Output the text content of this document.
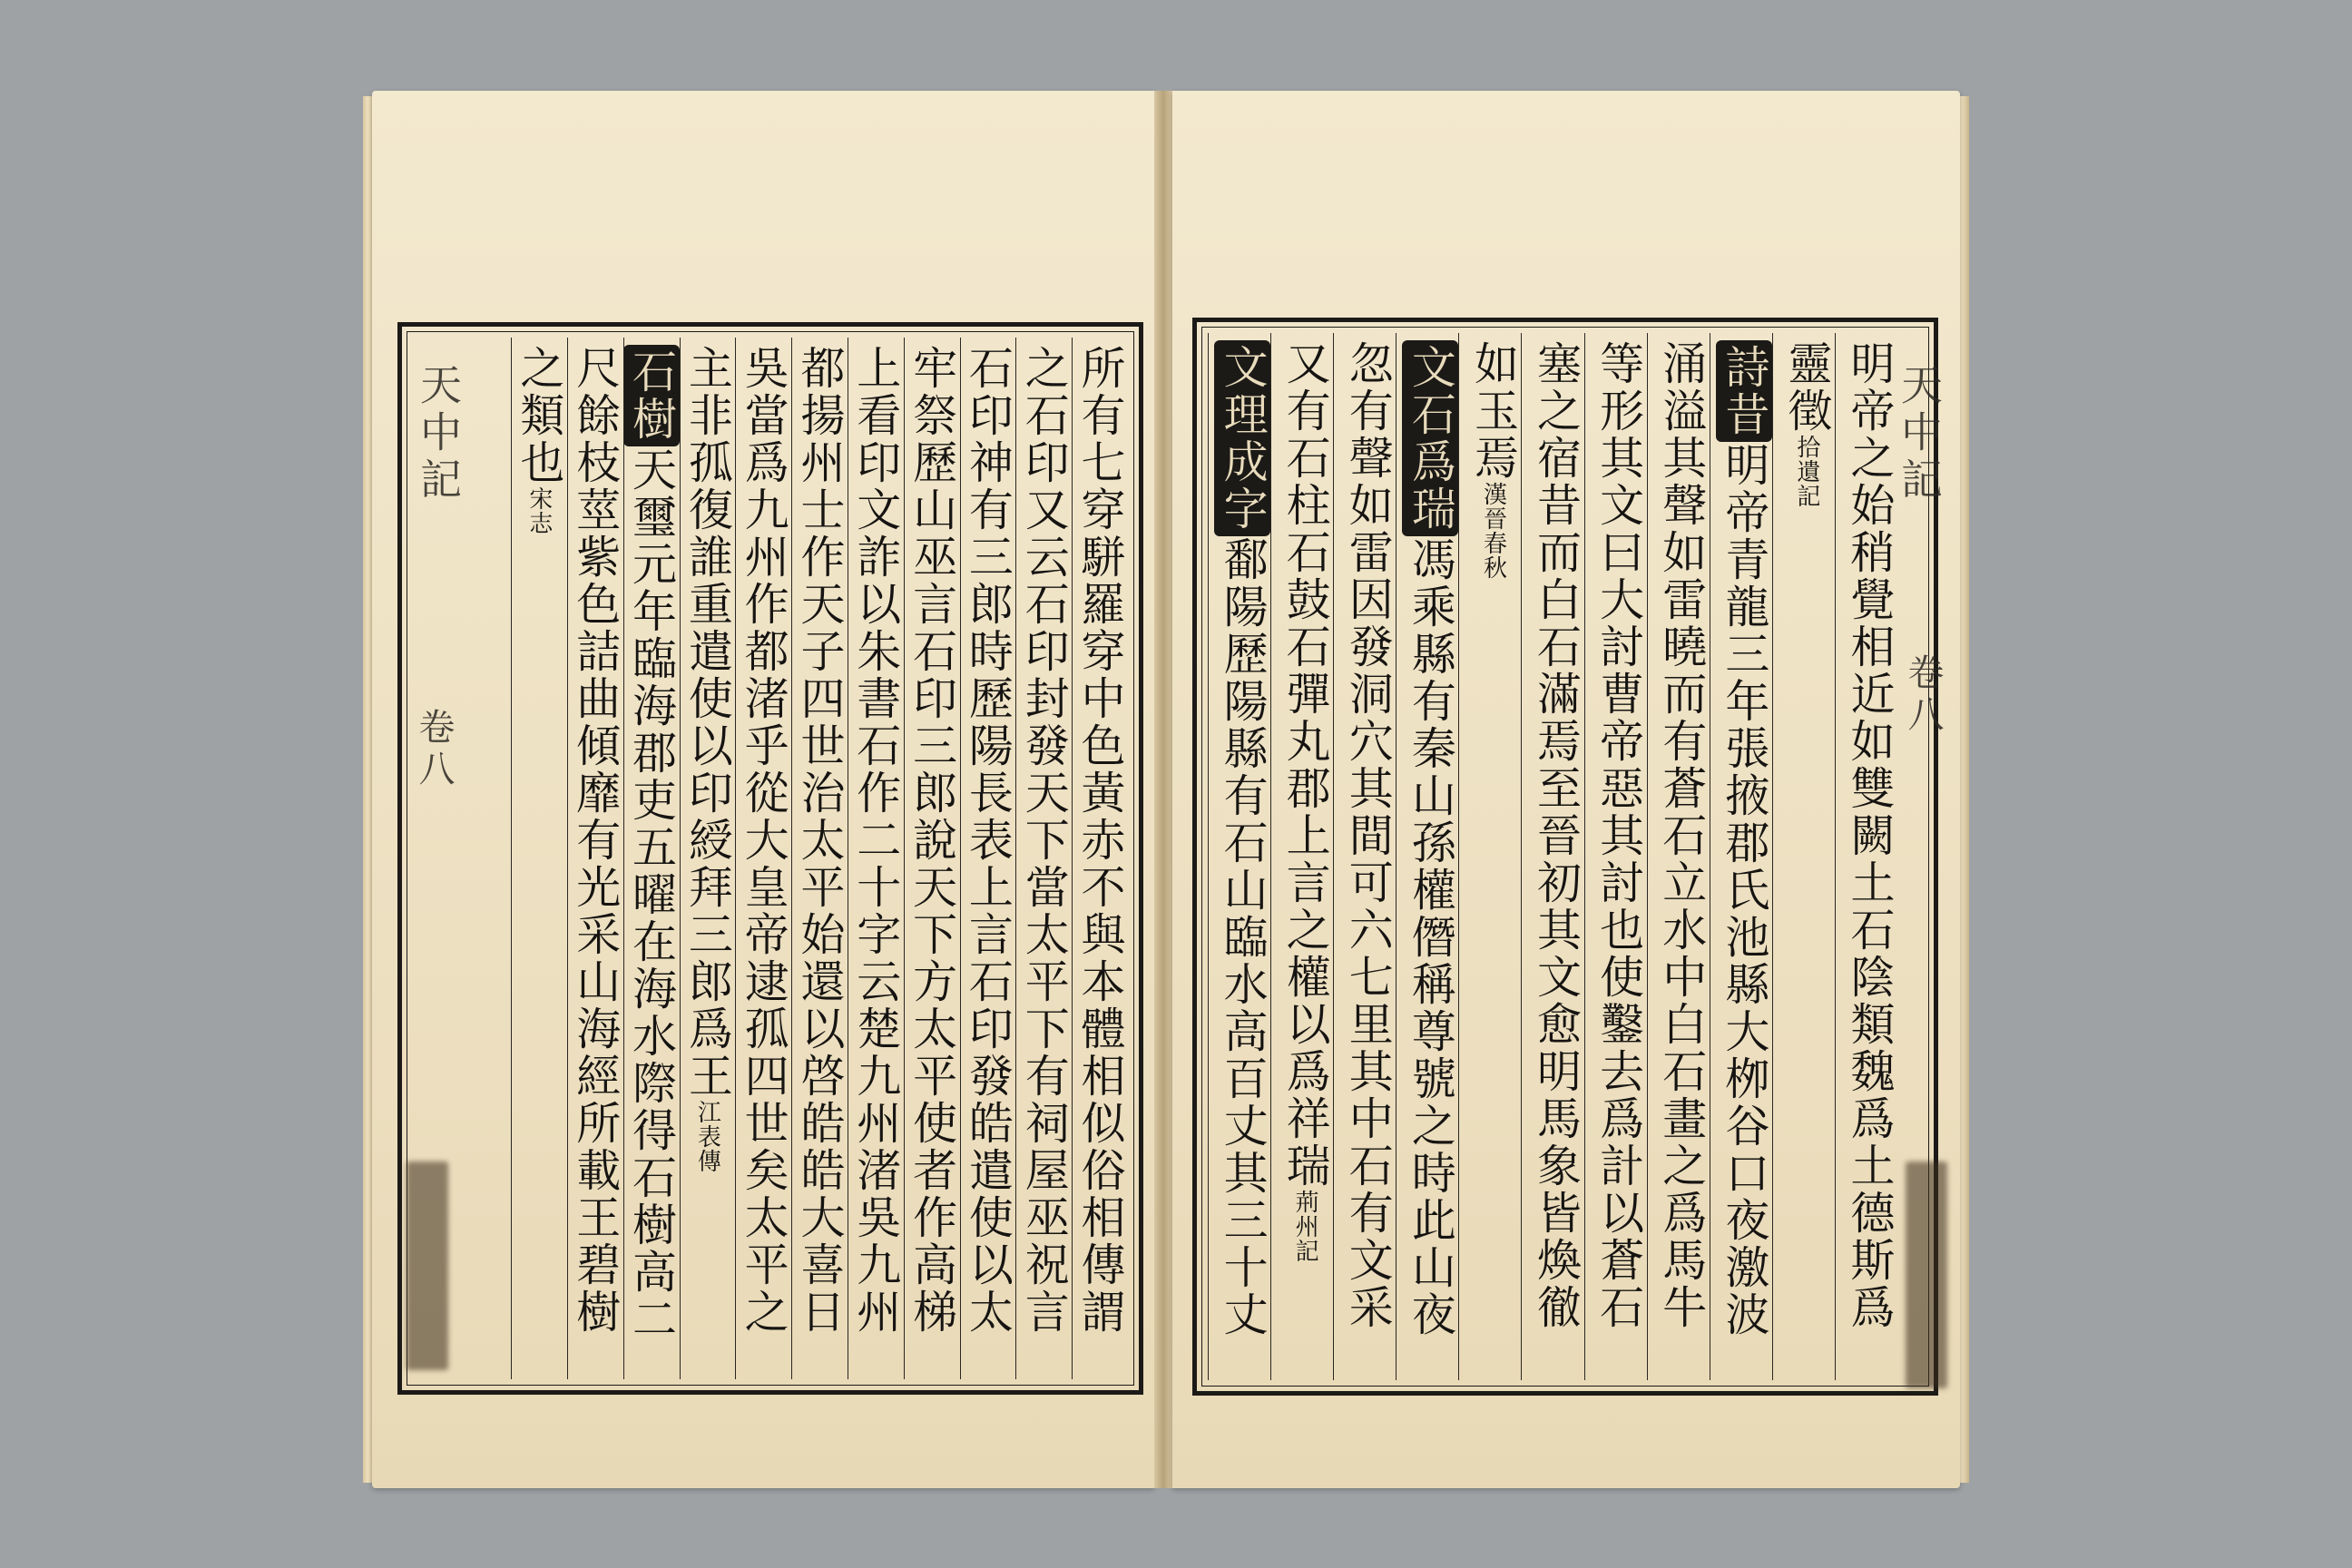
所有七穿駢羅穿中色黃赤不與本體相似俗相傳謂
之石印又云石印封發天下當太平下有祠屋巫祝言
石印神有三郎時歷陽長表上言石印發皓遣使以太
牢祭歷山巫言石印三郎說天下方太平使者作高梯
上看印文詐以朱書石作二十字云楚九州渚吳九州
都揚州士作天子四世治太平始還以啓皓皓大喜日
吳當爲九州作都渚乎從大皇帝逮孤四世矣太平之
主非孤復誰重遣使以印綬拜三郎爲王江表傳
石樹天璽元年臨海郡吏五曜在海水際得石樹高二
尺餘枝莖紫色詰曲傾靡有光采山海經所載王碧樹
之類也宋志
天中記
卷八	明帝之始稍覺相近如雙闕土石陰類魏爲土德斯爲
靈徵拾遺記
詩昔明帝青龍三年張掖郡氏池縣大栁谷口夜激波
涌溢其聲如雷曉而有蒼石立水中白石畫之爲馬牛
等形其文曰大討曹帝惡其討也使鑿去爲計以蒼石
塞之宿昔而白石滿焉至晉初其文愈明馬象皆煥徹
如玉焉漢晉春秋
文石爲瑞馮乘縣有秦山孫權僭稱尊號之時此山夜
忽有聲如雷因發洞穴其間可六七里其中石有文采
又有石柱石鼓石彈丸郡上言之權以爲祥瑞荊州記
文理成字鄱陽歷陽縣有石山臨水高百丈其三十丈
天中記
卷八
